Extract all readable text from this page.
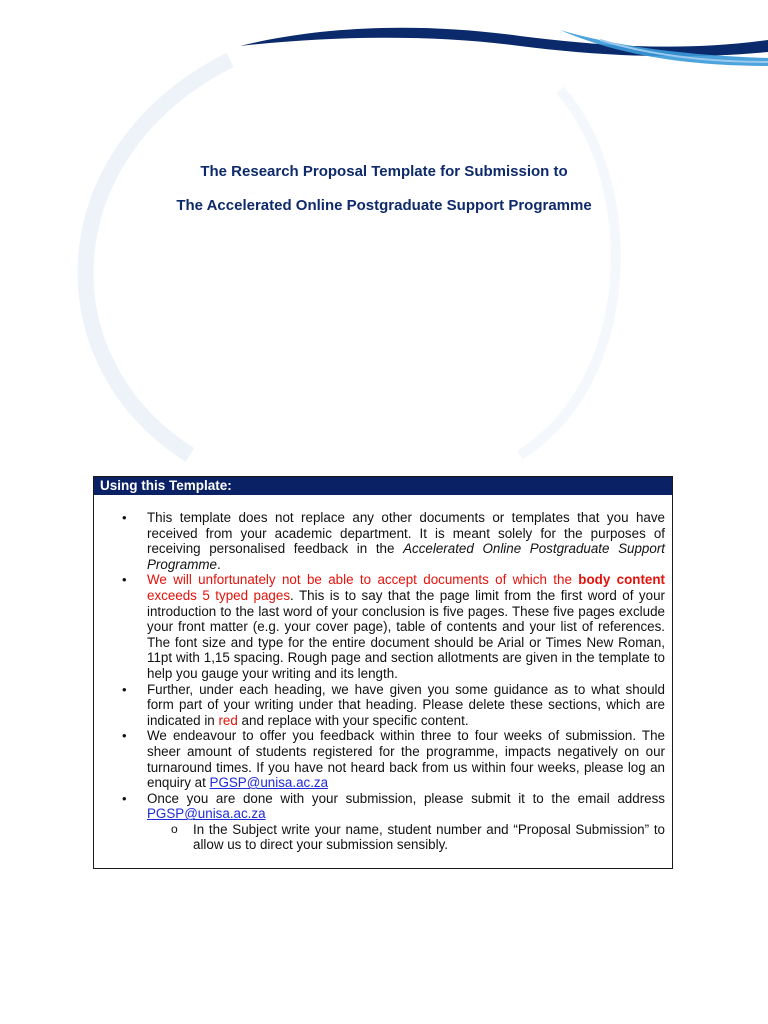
The Research Proposal Template for Submission to
The Accelerated Online Postgraduate Support Programme
Using this Template:
• This template does not replace any other documents or templates that you have received from your academic department. It is meant solely for the purposes of receiving personalised feedback in the Accelerated Online Postgraduate Support Programme.
• We will unfortunately not be able to accept documents of which the body content exceeds 5 typed pages. This is to say that the page limit from the first word of your introduction to the last word of your conclusion is five pages. These five pages exclude your front matter (e.g. your cover page), table of contents and your list of references. The font size and type for the entire document should be Arial or Times New Roman, 11pt with 1,15 spacing. Rough page and section allotments are given in the template to help you gauge your writing and its length.
• Further, under each heading, we have given you some guidance as to what should form part of your writing under that heading. Please delete these sections, which are indicated in red and replace with your specific content.
• We endeavour to offer you feedback within three to four weeks of submission. The sheer amount of students registered for the programme, impacts negatively on our turnaround times. If you have not heard back from us within four weeks, please log an enquiry at PGSP@unisa.ac.za
• Once you are done with your submission, please submit it to the email address PGSP@unisa.ac.za
o In the Subject write your name, student number and “Proposal Submission” to allow us to direct your submission sensibly.
